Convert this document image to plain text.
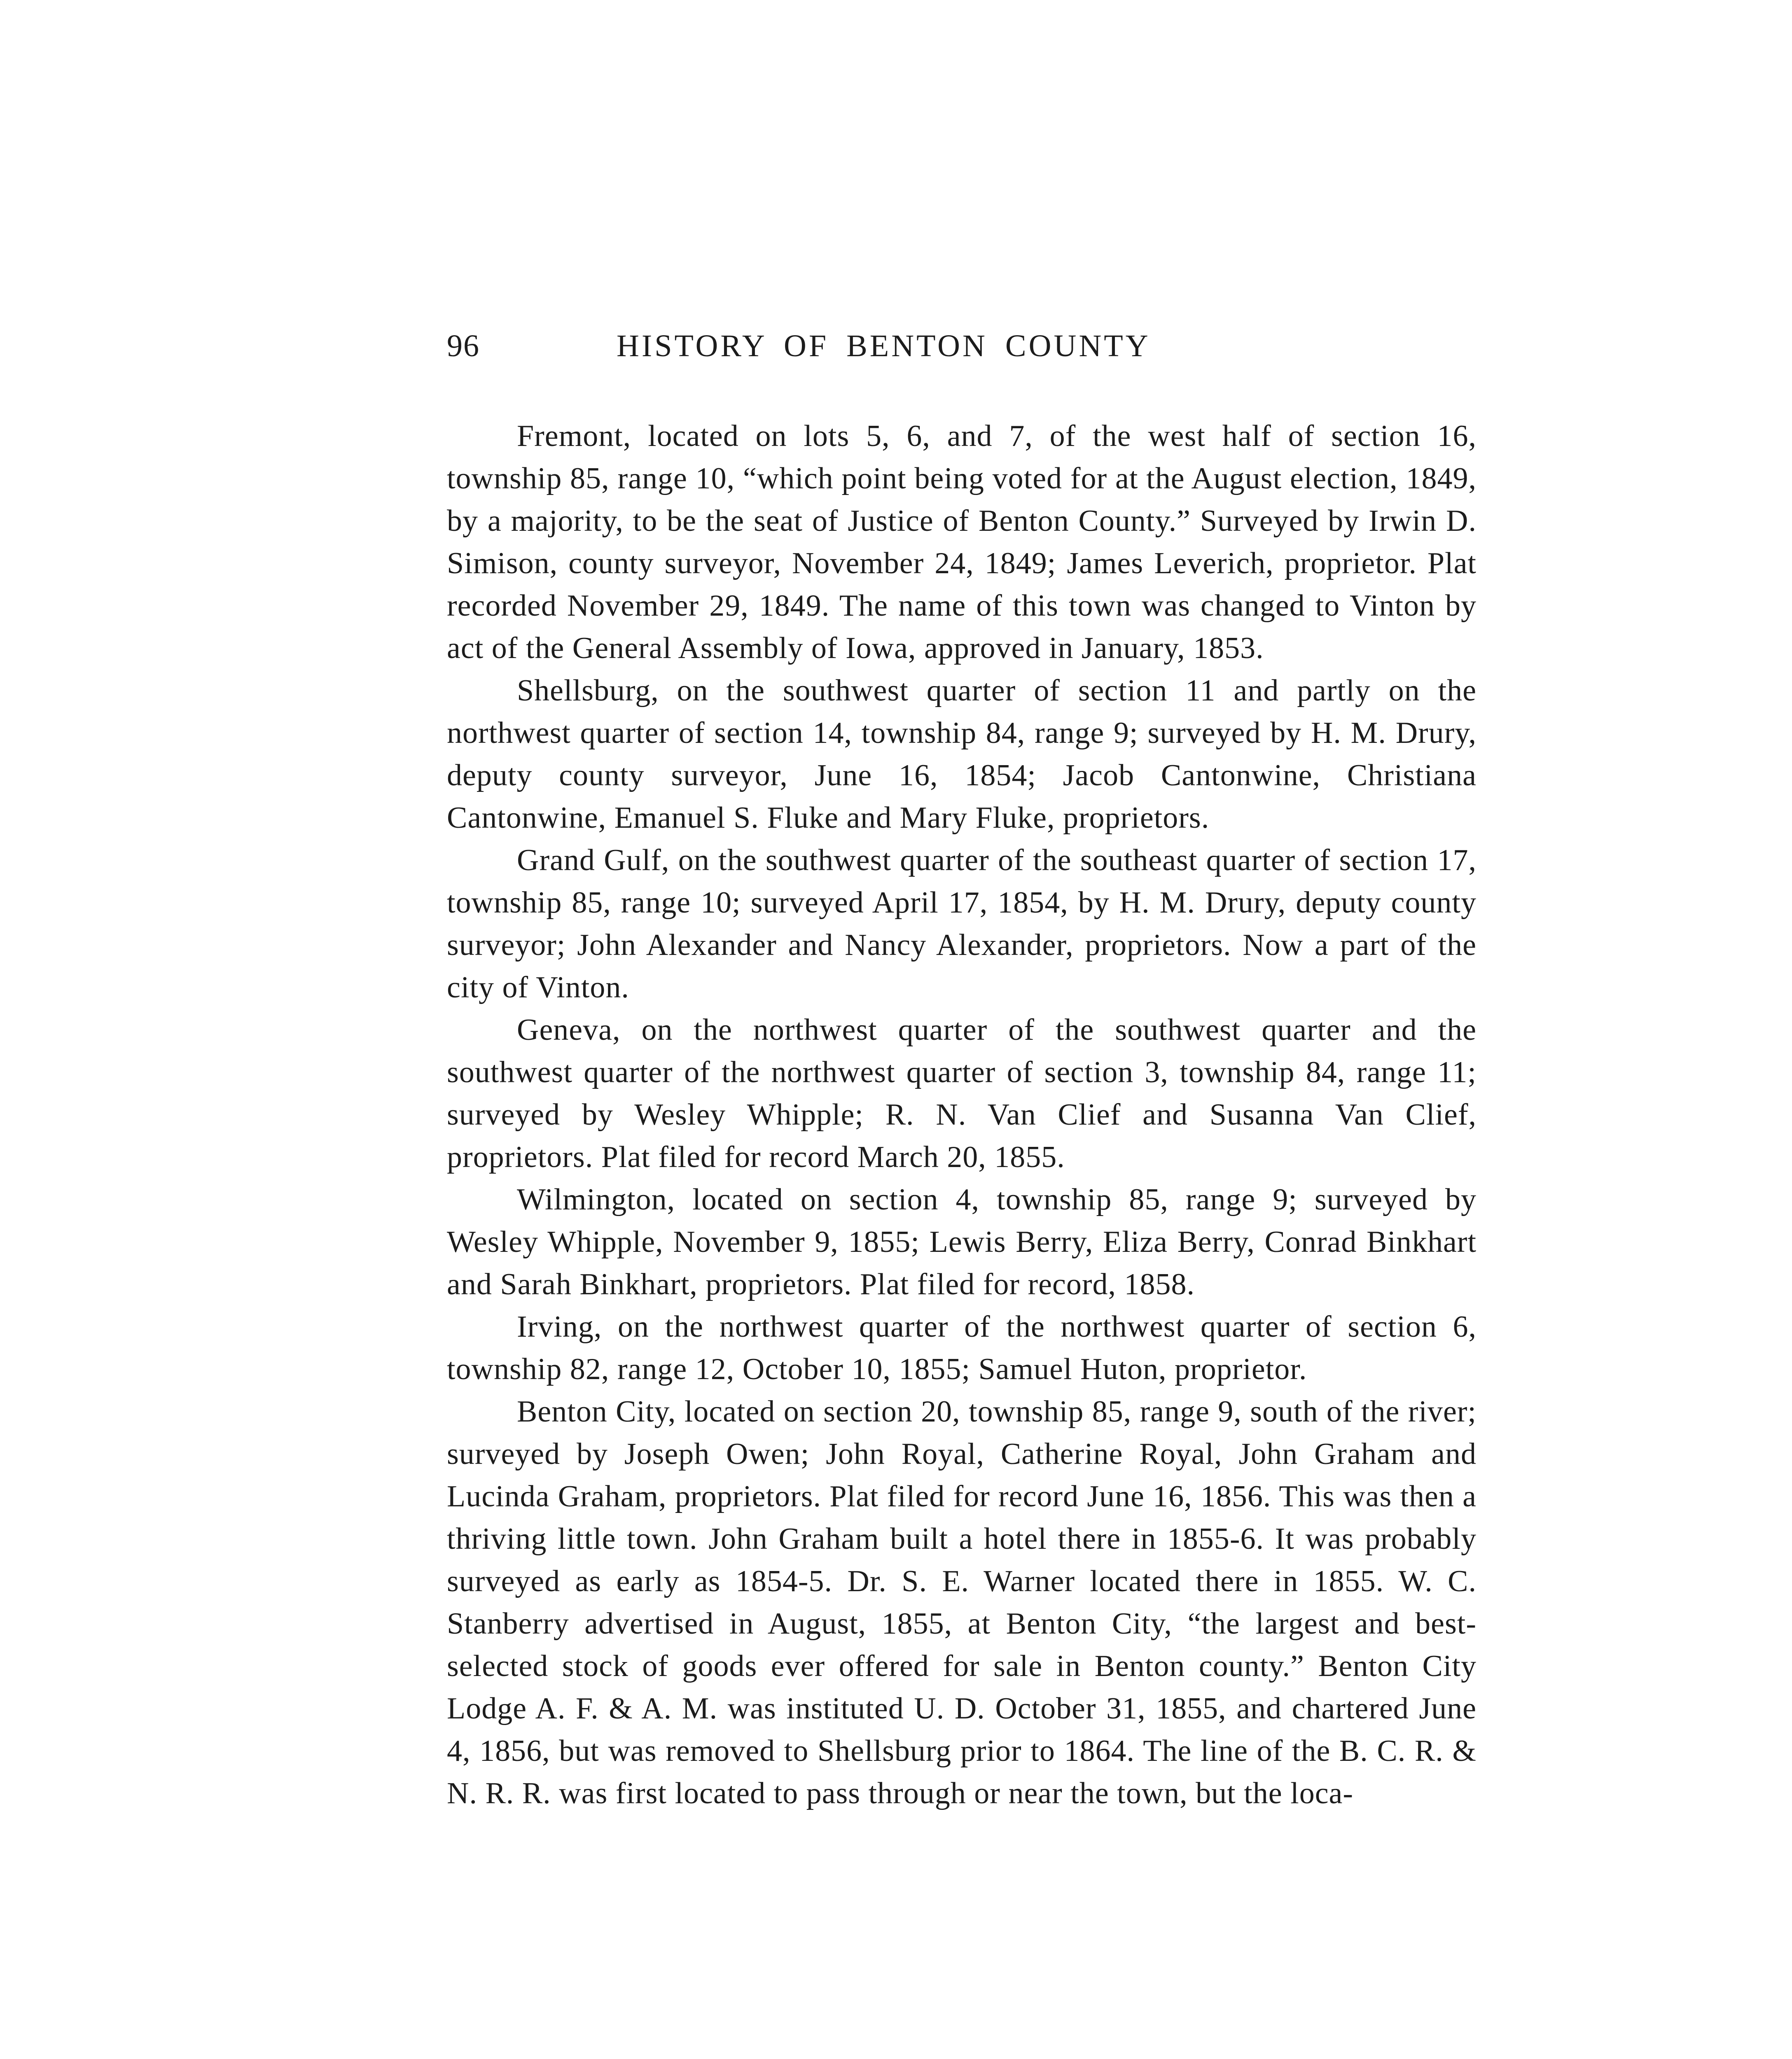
96	HISTORY OF BENTON COUNTY

Fremont, located on lots 5, 6, and 7, of the west half of section 16, township 85, range 10, “which point being voted for at the August election, 1849, by a majority, to be the seat of Justice of Benton County.” Surveyed by Irwin D. Simison, county surveyor, November 24, 1849; James Leverich, proprietor. Plat recorded November 29, 1849. The name of this town was changed to Vinton by act of the General Assembly of Iowa, approved in January, 1853.

Shellsburg, on the southwest quarter of section 11 and partly on the northwest quarter of section 14, township 84, range 9; surveyed by H. M. Drury, deputy county surveyor, June 16, 1854; Jacob Cantonwine, Christiana Cantonwine, Emanuel S. Fluke and Mary Fluke, proprietors.

Grand Gulf, on the southwest quarter of the southeast quarter of section 17, township 85, range 10; surveyed April 17, 1854, by H. M. Drury, deputy county surveyor; John Alexander and Nancy Alexander, proprietors. Now a part of the city of Vinton.

Geneva, on the northwest quarter of the southwest quarter and the southwest quarter of the northwest quarter of section 3, township 84, range 11; surveyed by Wesley Whipple; R. N. Van Clief and Susanna Van Clief, proprietors. Plat filed for record March 20, 1855.

Wilmington, located on section 4, township 85, range 9; surveyed by Wesley Whipple, November 9, 1855; Lewis Berry, Eliza Berry, Conrad Binkhart and Sarah Binkhart, proprietors. Plat filed for record, 1858.

Irving, on the northwest quarter of the northwest quarter of section 6, township 82, range 12, October 10, 1855; Samuel Huton, proprietor.

Benton City, located on section 20, township 85, range 9, south of the river; surveyed by Joseph Owen; John Royal, Catherine Royal, John Graham and Lucinda Graham, proprietors. Plat filed for record June 16, 1856. This was then a thriving little town. John Graham built a hotel there in 1855-6. It was probably surveyed as early as 1854-5. Dr. S. E. Warner located there in 1855. W. C. Stanberry advertised in August, 1855, at Benton City, “the largest and best-selected stock of goods ever offered for sale in Benton county.” Benton City Lodge A. F. & A. M. was instituted U. D. October 31, 1855, and chartered June 4, 1856, but was removed to Shellsburg prior to 1864. The line of the B. C. R. & N. R. R. was first located to pass through or near the town, but the loca-
